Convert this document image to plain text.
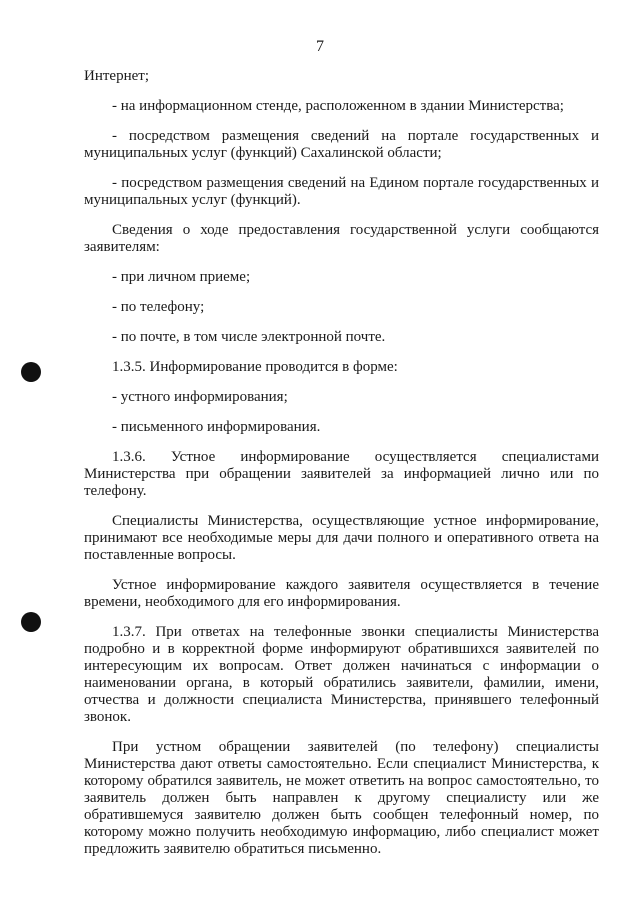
7

Интернет;

- на информационном стенде, расположенном в здании Министерства;

- посредством размещения сведений на портале государственных и муниципальных услуг (функций) Сахалинской области;

- посредством размещения сведений на Едином портале государственных и муниципальных услуг (функций).

Сведения о ходе предоставления государственной услуги сообщаются заявителям:

- при личном приеме;

- по телефону;

- по почте, в том числе электронной почте.

1.3.5. Информирование проводится в форме:

- устного информирования;

- письменного информирования.

1.3.6. Устное информирование осуществляется специалистами Министерства при обращении заявителей за информацией лично или по телефону.

Специалисты Министерства, осуществляющие устное информирование, принимают все необходимые меры для дачи полного и оперативного ответа на поставленные вопросы.

Устное информирование каждого заявителя осуществляется в течение времени, необходимого для его информирования.

1.3.7. При ответах на телефонные звонки специалисты Министерства подробно и в корректной форме информируют обратившихся заявителей по интересующим их вопросам. Ответ должен начинаться с информации о наименовании органа, в который обратились заявители, фамилии, имени, отчества и должности специалиста Министерства, принявшего телефонный звонок.

При устном обращении заявителей (по телефону) специалисты Министерства дают ответы самостоятельно. Если специалист Министерства, к которому обратился заявитель, не может ответить на вопрос самостоятельно, то заявитель должен быть направлен к другому специалисту или же обратившемуся заявителю должен быть сообщен телефонный номер, по которому можно получить необходимую информацию, либо специалист может предложить заявителю обратиться письменно.
